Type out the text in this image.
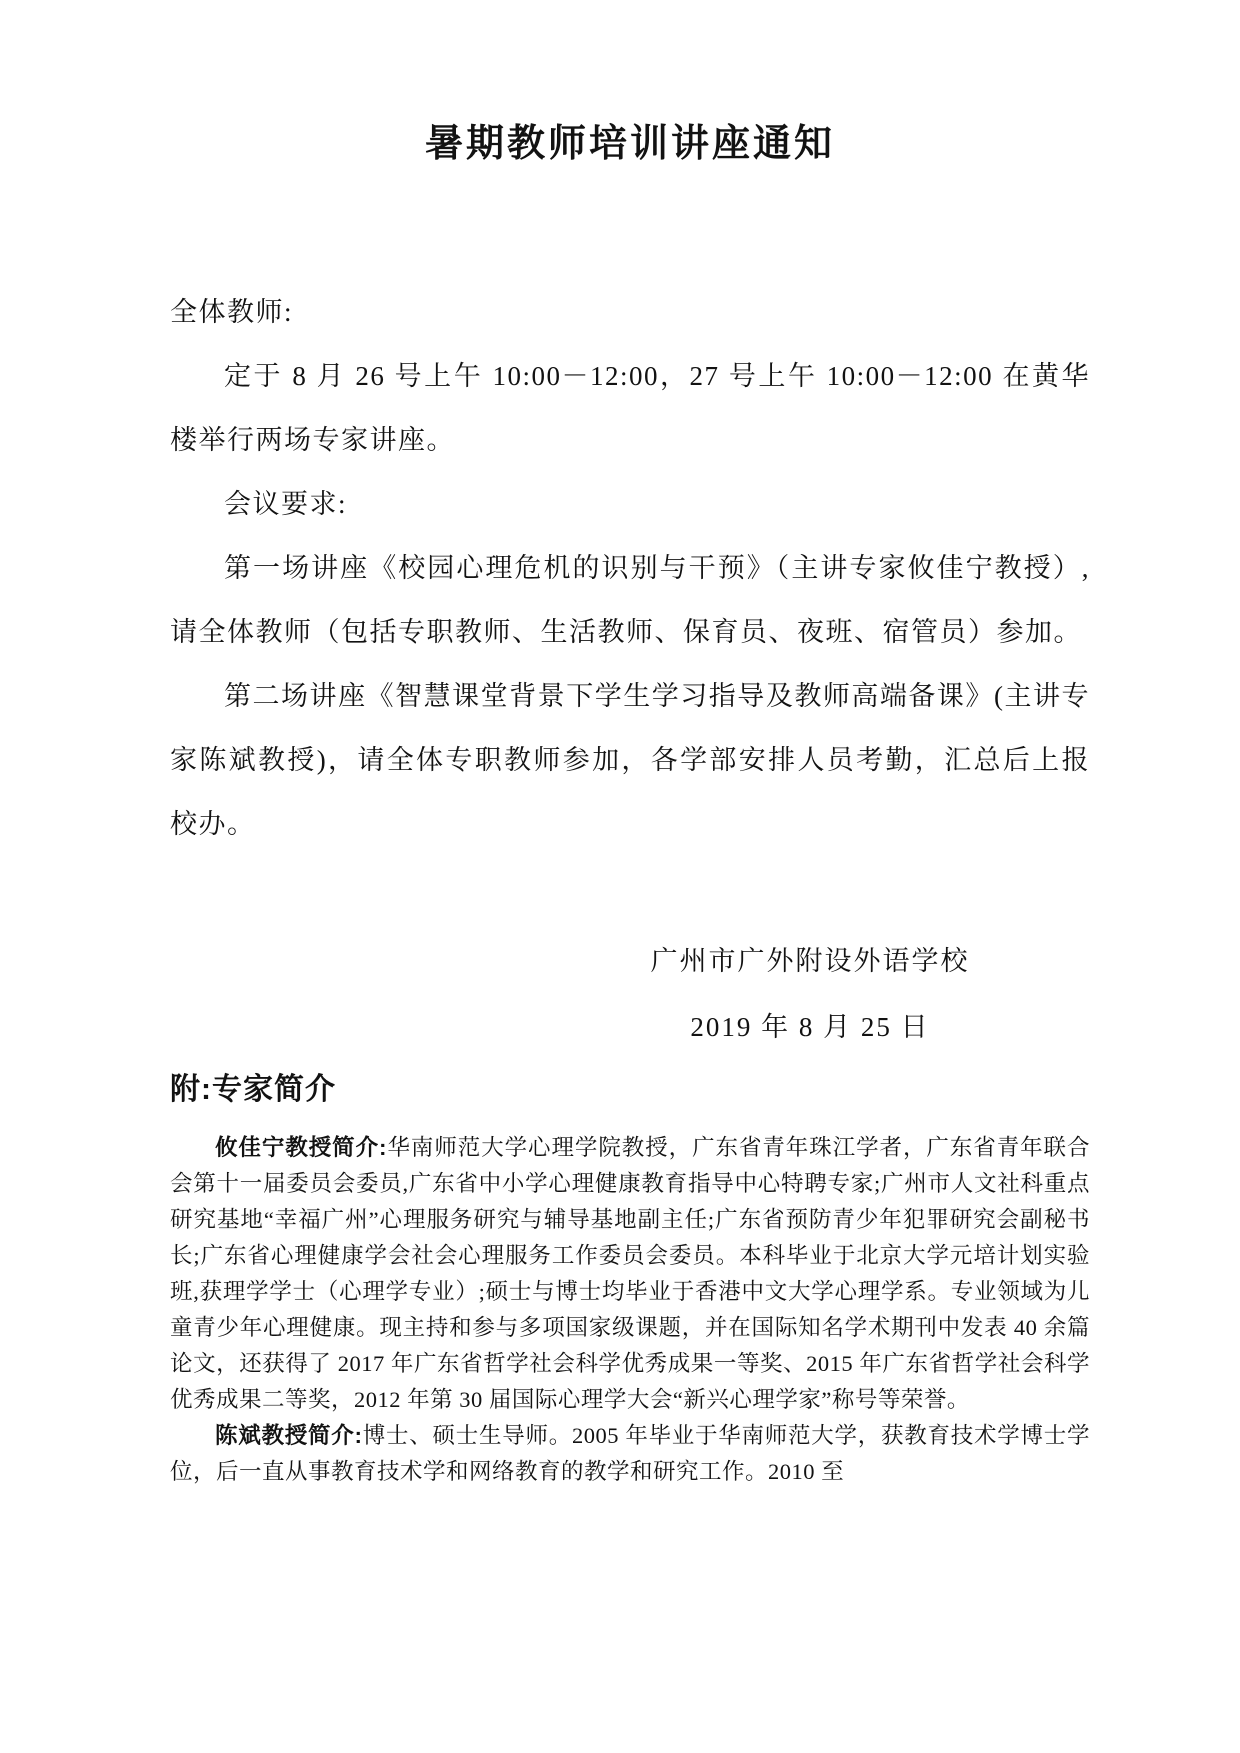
暑期教师培训讲座通知

全体教师:

定于 8 月 26 号上午 10:00－12:00，27 号上午 10:00－12:00 在黄华楼举行两场专家讲座。

会议要求:

第一场讲座《校园心理危机的识别与干预》（主讲专家攸佳宁教授）,请全体教师（包括专职教师、生活教师、保育员、夜班、宿管员）参加。

第二场讲座《智慧课堂背景下学生学习指导及教师高端备课》(主讲专家陈斌教授)，请全体专职教师参加，各学部安排人员考勤，汇总后上报校办。

广州市广外附设外语学校

2019 年 8 月 25 日

附:专家简介

攸佳宁教授简介:华南师范大学心理学院教授，广东省青年珠江学者，广东省青年联合会第十一届委员会委员,广东省中小学心理健康教育指导中心特聘专家;广州市人文社科重点研究基地“幸福广州”心理服务研究与辅导基地副主任;广东省预防青少年犯罪研究会副秘书长;广东省心理健康学会社会心理服务工作委员会委员。本科毕业于北京大学元培计划实验班,获理学学士（心理学专业）;硕士与博士均毕业于香港中文大学心理学系。专业领域为儿童青少年心理健康。现主持和参与多项国家级课题，并在国际知名学术期刊中发表 40 余篇论文，还获得了 2017 年广东省哲学社会科学优秀成果一等奖、2015 年广东省哲学社会科学优秀成果二等奖，2012 年第 30 届国际心理学大会“新兴心理学家”称号等荣誉。

陈斌教授简介:博士、硕士生导师。2005 年毕业于华南师范大学，获教育技术学博士学位，后一直从事教育技术学和网络教育的教学和研究工作。2010 至
